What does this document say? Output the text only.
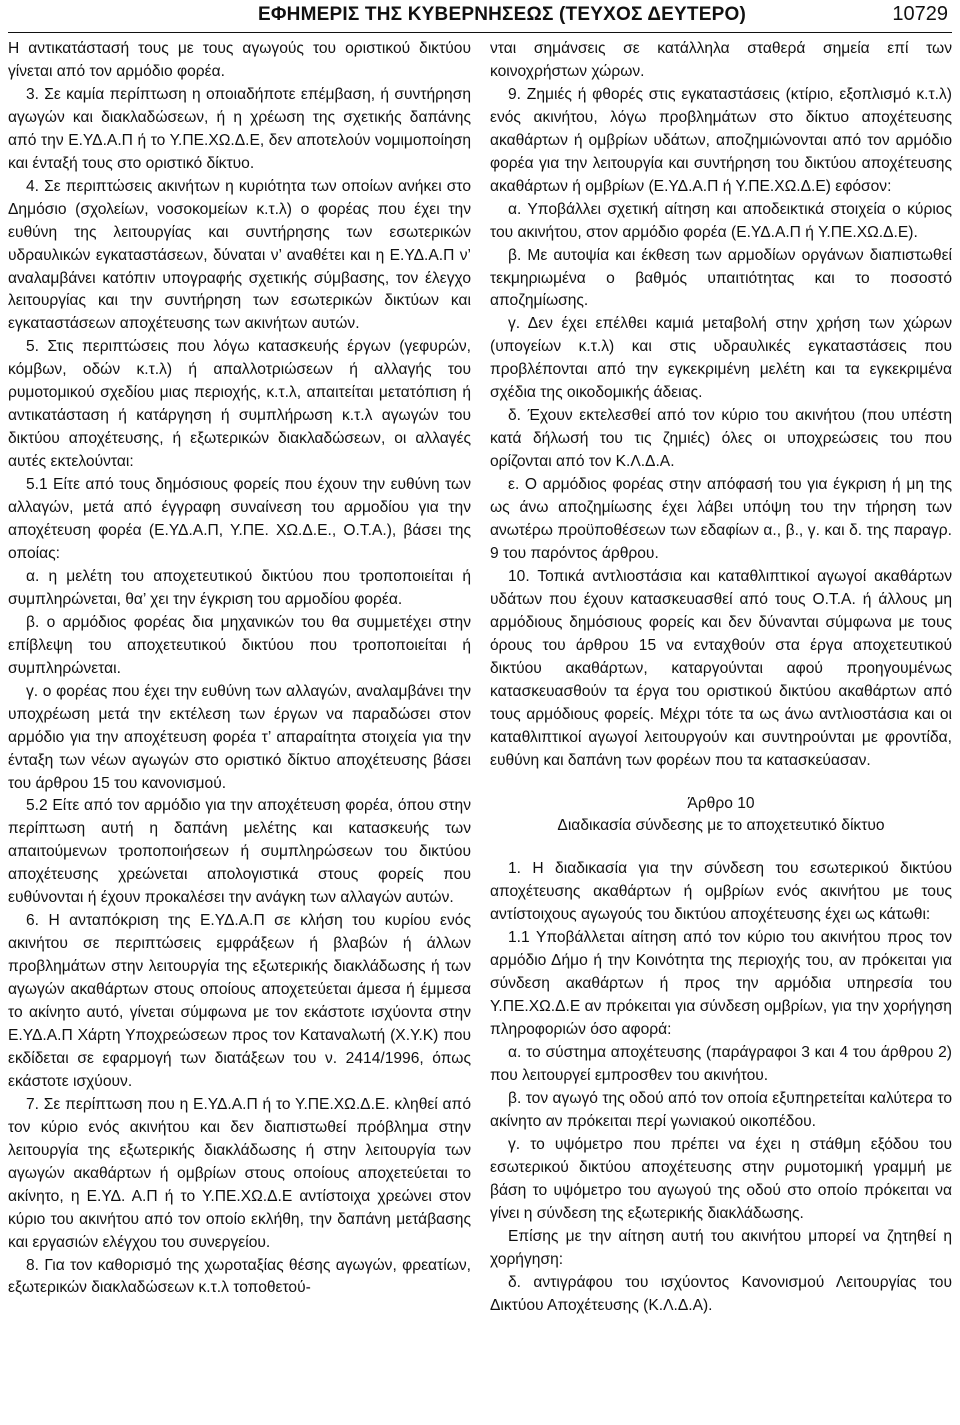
ΕΦΗΜΕΡΙΣ ΤΗΣ ΚΥΒΕΡΝΗΣΕΩΣ (ΤΕΥΧΟΣ ΔΕΥΤΕΡΟ)	10729

Η αντικατάστασή τους με τους αγωγούς του οριστικού δικτύου γίνεται από τον αρμόδιο φορέα.

3. Σε καμία περίπτωση η οποιαδήποτε επέμβαση, ή συντήρηση αγωγών και διακλαδώσεων, ή η χρέωση της σχετικής δαπάνης από την Ε.ΥΔ.Α.Π ή το Υ.ΠΕ.ΧΩ.Δ.Ε, δεν αποτελούν νομιμοποίηση και ένταξή τους στο οριστικό δίκτυο.

4. Σε περιπτώσεις ακινήτων η κυριότητα των οποίων ανήκει στο Δημόσιο (σχολείων, νοσοκομείων κ.τ.λ) ο φορέας που έχει την ευθύνη της λειτουργίας και συντήρησης των εσωτερικών υδραυλικών εγκαταστάσεων, δύναται ν’ αναθέτει και η Ε.ΥΔ.Α.Π ν’ αναλαμβάνει κατόπιν υπογραφής σχετικής σύμβασης, τον έλεγχο λειτουργίας και την συντήρηση των εσωτερικών δικτύων και εγκαταστάσεων αποχέτευσης των ακινήτων αυτών.

5. Στις περιπτώσεις που λόγω κατασκευής έργων (γεφυρών, κόμβων, οδών κ.τ.λ) ή απαλλοτριώσεων ή αλλαγής του ρυμοτομικού σχεδίου μιας περιοχής, κ.τ.λ, απαιτείται μετατόπιση ή αντικατάσταση ή κατάργηση ή συμπλήρωση κ.τ.λ αγωγών του δικτύου αποχέτευσης, ή εξωτερικών διακλαδώσεων, οι αλλαγές αυτές εκτελούνται:

5.1 Είτε από τους δημόσιους φορείς που έχουν την ευθύνη των αλλαγών, μετά από έγγραφη συναίνεση του αρμοδίου για την αποχέτευση φορέα (Ε.ΥΔ.Α.Π, Υ.ΠΕ. ΧΩ.Δ.Ε., Ο.Τ.Α.), βάσει της οποίας:

α. η μελέτη του αποχετευτικού δικτύου που τροποποιείται ή συμπληρώνεται, θα’ χει την έγκριση του αρμοδίου φορέα.

β. ο αρμόδιος φορέας δια μηχανικών του θα συμμετέχει στην επίβλεψη του αποχετευτικού δικτύου που τροποποιείται ή συμπληρώνεται.

γ. ο φορέας που έχει την ευθύνη των αλλαγών, αναλαμβάνει την υποχρέωση μετά την εκτέλεση των έργων να παραδώσει στον αρμόδιο για την αποχέτευση φορέα τ’ απαραίτητα στοιχεία για την ένταξη των νέων αγωγών στο οριστικό δίκτυο αποχέτευσης βάσει του άρθρου 15 του κανονισμού.

5.2 Είτε από τον αρμόδιο για την αποχέτευση φορέα, όπου στην περίπτωση αυτή η δαπάνη μελέτης και κατασκευής των απαιτούμενων τροποποιήσεων ή συμπληρώσεων του δικτύου αποχέτευσης χρεώνεται απολογιστικά στους φορείς που ευθύνονται ή έχουν προκαλέσει την ανάγκη των αλλαγών αυτών.

6. Η ανταπόκριση της Ε.ΥΔ.Α.Π σε κλήση του κυρίου ενός ακινήτου σε περιπτώσεις εμφράξεων ή βλαβών ή άλλων προβλημάτων στην λειτουργία της εξωτερικής διακλάδωσης ή των αγωγών ακαθάρτων στους οποίους αποχετεύεται άμεσα ή έμμεσα το ακίνητο αυτό, γίνεται σύμφωνα με τον εκάστοτε ισχύοντα στην Ε.ΥΔ.Α.Π Χάρτη Υποχρεώσεων προς τον Καταναλωτή (Χ.Υ.Κ) που εκδίδεται σε εφαρμογή των διατάξεων του ν. 2414/1996, όπως εκάστοτε ισχύουν.

7. Σε περίπτωση που η Ε.ΥΔ.Α.Π ή το Υ.ΠΕ.ΧΩ.Δ.Ε. κληθεί από τον κύριο ενός ακινήτου και δεν διαπιστωθεί πρόβλημα στην λειτουργία της εξωτερικής διακλάδωσης ή στην λειτουργία των αγωγών ακαθάρτων ή ομβρίων στους οποίους αποχετεύεται το ακίνητο, η Ε.ΥΔ. Α.Π ή το Υ.ΠΕ.ΧΩ.Δ.Ε αντίστοιχα χρεώνει στον κύριο του ακινήτου από τον οποίο εκλήθη, την δαπάνη μετάβασης και εργασιών ελέγχου του συνεργείου.

8. Για τον καθορισμό της χωροταξίας θέσης αγωγών, φρεατίων, εξωτερικών διακλαδώσεων κ.τ.λ τοποθετού-

νται σημάνσεις σε κατάλληλα σταθερά σημεία επί των κοινοχρήστων χώρων.

9. Ζημιές ή φθορές στις εγκαταστάσεις (κτίριο, εξοπλισμό κ.τ.λ) ενός ακινήτου, λόγω προβλημάτων στο δίκτυο αποχέτευσης ακαθάρτων ή ομβρίων υδάτων, αποζημιώνονται από τον αρμόδιο φορέα για την λειτουργία και συντήρηση του δικτύου αποχέτευσης ακαθάρτων ή ομβρίων (Ε.ΥΔ.Α.Π ή Υ.ΠΕ.ΧΩ.Δ.Ε) εφόσον:

α. Υποβάλλει σχετική αίτηση και αποδεικτικά στοιχεία ο κύριος του ακινήτου, στον αρμόδιο φορέα (Ε.ΥΔ.Α.Π ή Υ.ΠΕ.ΧΩ.Δ.Ε).

β. Με αυτοψία και έκθεση των αρμοδίων οργάνων διαπιστωθεί τεκμηριωμένα ο βαθμός υπαιτιότητας και το ποσοστό αποζημίωσης.

γ. Δεν έχει επέλθει καμιά μεταβολή στην χρήση των χώρων (υπογείων κ.τ.λ) και στις υδραυλικές εγκαταστάσεις που προβλέπονται από την εγκεκριμένη μελέτη και τα εγκεκριμένα σχέδια της οικοδομικής άδειας.

δ. Έχουν εκτελεσθεί από τον κύριο του ακινήτου (που υπέστη κατά δήλωσή του τις ζημιές) όλες οι υποχρεώσεις του που ορίζονται από τον Κ.Λ.Δ.Α.

ε. Ο αρμόδιος φορέας στην απόφασή του για έγκριση ή μη της ως άνω αποζημίωσης έχει λάβει υπόψη του την τήρηση των ανωτέρω προϋποθέσεων των εδαφίων α., β., γ. και δ. της παραγρ. 9 του παρόντος άρθρου.

10. Τοπικά αντλιοστάσια και καταθλιπτικοί αγωγοί ακαθάρτων υδάτων που έχουν κατασκευασθεί από τους Ο.Τ.Α. ή άλλους μη αρμόδιους δημόσιους φορείς και δεν δύνανται σύμφωνα με τους όρους του άρθρου 15 να ενταχθούν στα έργα αποχετευτικού δικτύου ακαθάρτων, καταργούνται αφού προηγουμένως κατασκευασθούν τα έργα του οριστικού δικτύου ακαθάρτων από τους αρμόδιους φορείς. Μέχρι τότε τα ως άνω αντλιοστάσια και οι καταθλιπτικοί αγωγοί λειτουργούν και συντηρούνται με φροντίδα, ευθύνη και δαπάνη των φορέων που τα κατασκεύασαν.

Άρθρο 10

Διαδικασία σύνδεσης με το αποχετευτικό δίκτυο

1. Η διαδικασία για την σύνδεση του εσωτερικού δικτύου αποχέτευσης ακαθάρτων ή ομβρίων ενός ακινήτου με τους αντίστοιχους αγωγούς του δικτύου αποχέτευσης έχει ως κάτωθι:

1.1 Υποβάλλεται αίτηση από τον κύριο του ακινήτου προς τον αρμόδιο Δήμο ή την Κοινότητα της περιοχής του, αν πρόκειται για σύνδεση ακαθάρτων ή προς την αρμόδια υπηρεσία του Υ.ΠΕ.ΧΩ.Δ.Ε αν πρόκειται για σύνδεση ομβρίων, για την χορήγηση πληροφοριών όσο αφορά:

α. το σύστημα αποχέτευσης (παράγραφοι 3 και 4 του άρθρου 2) που λειτουργεί εμπροσθεν του ακινήτου.

β. τον αγωγό της οδού από τον οποία εξυπηρετείται καλύτερα το ακίνητο αν πρόκειται περί γωνιακού οικοπέδου.

γ. το υψόμετρο που πρέπει να έχει η στάθμη εξόδου του εσωτερικού δικτύου αποχέτευσης στην ρυμοτομική γραμμή με βάση το υψόμετρο του αγωγού της οδού στο οποίο πρόκειται να γίνει η σύνδεση της εξωτερικής διακλάδωσης.

Επίσης με την αίτηση αυτή του ακινήτου μπορεί να ζητηθεί η χορήγηση:

δ. αντιγράφου του ισχύοντος Κανονισμού Λειτουργίας του Δικτύου Αποχέτευσης (Κ.Λ.Δ.Α).
